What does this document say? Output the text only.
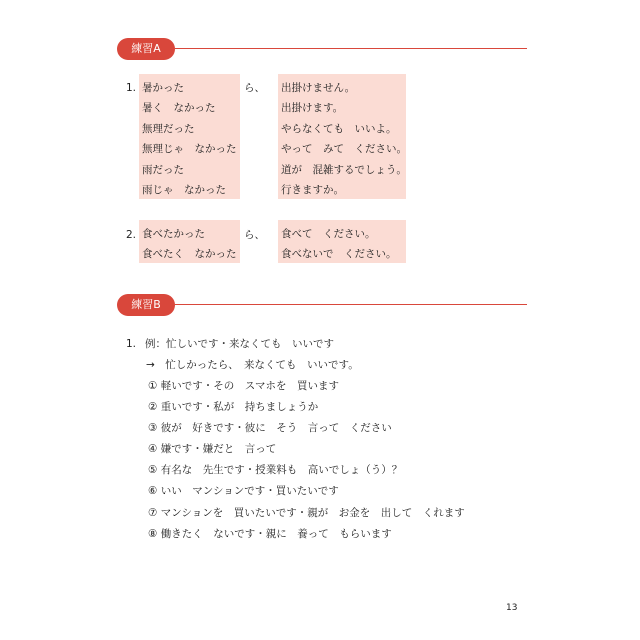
練習A
1.	ら、
暑かった
暑く　なかった
無理だった
無理じゃ　なかった
雨だった
雨じゃ　なかった
出掛けません。
出掛けます。
やらなくても　いいよ。
やって　みて　ください。
道が　混雑するでしょう。
行きますか。
2.	ら、
食べたかった
食べたく　なかった
食べて　ください。
食べないで　ください。
練習B
1. 例：忙しいです・来なくても　いいです
→　忙しかったら、　来なくても　いいです。
① 軽いです・その　スマホを　買います
② 重いです・私が　持ちましょうか
③ 彼が　好きです・彼に　そう　言って　ください
④ 嫌です・嫌だと　言って
⑤ 有名な　先生です・授業料も　高いでしょ（う）？
⑥ いい　マンションです・買いたいです
⑦ マンションを　買いたいです・親が　お金を　出して　くれます
⑧ 働きたく　ないです・親に　養って　もらいます
13
